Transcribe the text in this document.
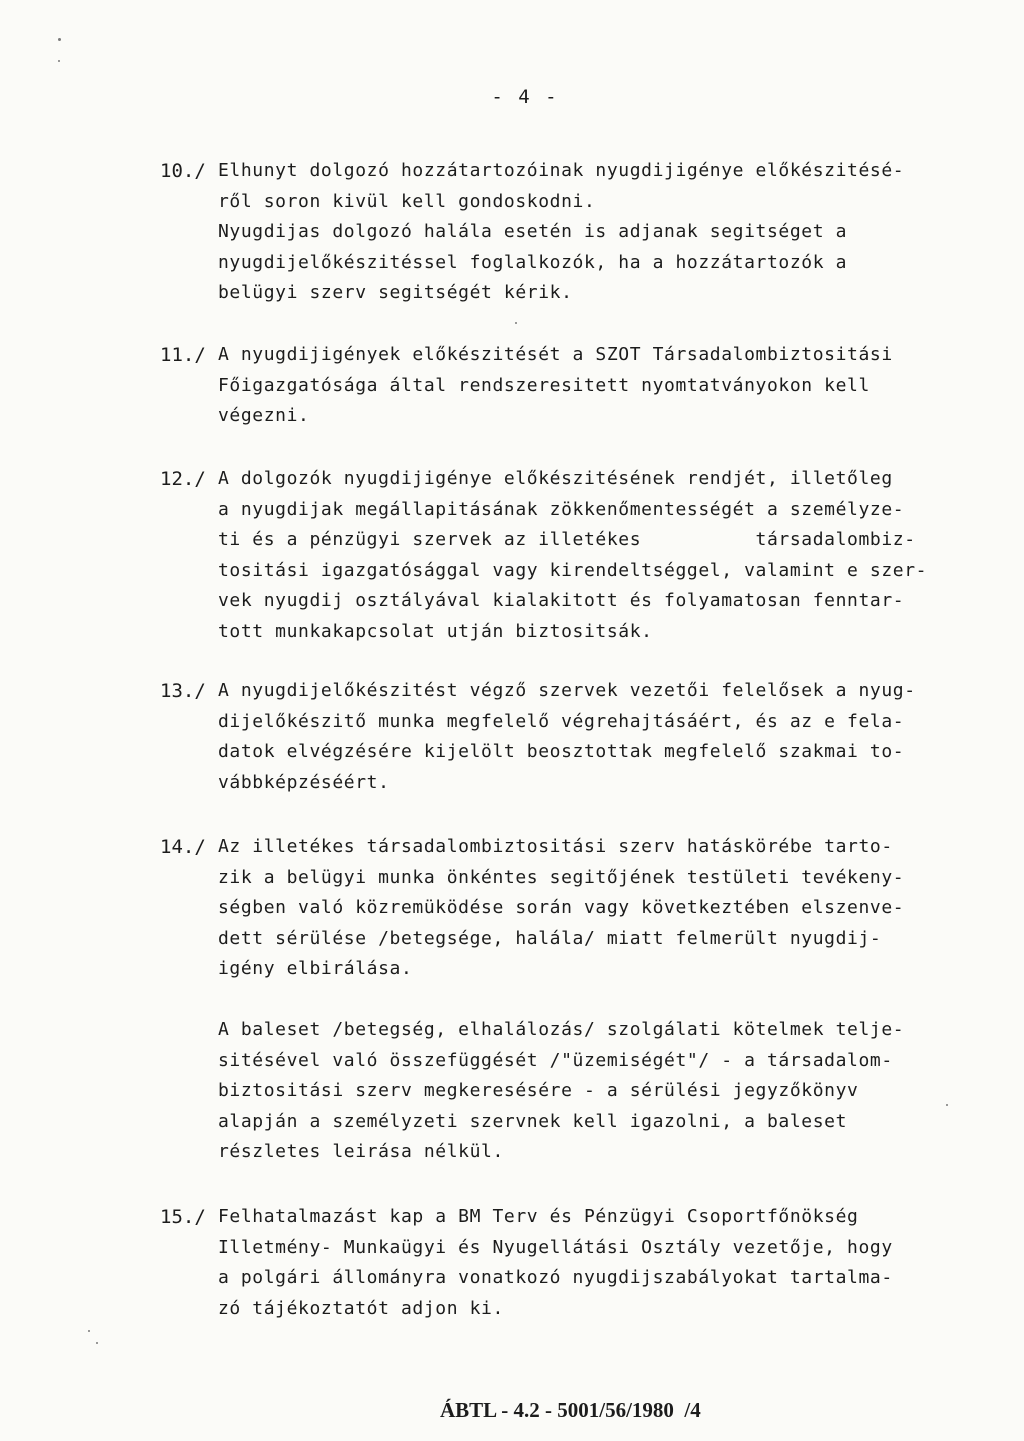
- 4 -
10./ Elhunyt dolgozó hozzátartozóinak nyugdijigénye előkészitésé-
ről soron kivül kell gondoskodni.
Nyugdijas dolgozó halála esetén is adjanak segitséget a
nyugdijelőkészitéssel foglalkozók, ha a hozzátartozók a
belügyi szerv segitségét kérik.

11./ A nyugdijigények előkészitését a SZOT Társadalombiztositási
Főigazgatósága által rendszeresitett nyomtatványokon kell
végezni.

12./ A dolgozók nyugdijigénye előkészitésének rendjét, illetőleg
a nyugdijak megállapitásának zökkenőmentességét a személyze-
ti és a pénzügyi szervek az illetékes          társadalombiz-
tositási igazgatósággal vagy kirendeltséggel, valamint e szer-
vek nyugdij osztályával kialakitott és folyamatosan fenntar-
tott munkakapcsolat utján biztositsák.

13./ A nyugdijelőkészitést végző szervek vezetői felelősek a nyug-
dijelőkészitő munka megfelelő végrehajtásáért, és az e fela-
datok elvégzésére kijelölt beosztottak megfelelő szakmai to-
vábbképzéséért.

14./ Az illetékes társadalombiztositási szerv hatáskörébe tarto-
zik a belügyi munka önkéntes segitőjének testületi tevékeny-
ségben való közremüködése során vagy következtében elszenve-
dett sérülése /betegsége, halála/ miatt felmerült nyugdij-
igény elbirálása.

A baleset /betegség, elhalálozás/ szolgálati kötelmek telje-
sitésével való összefüggését /"üzemiségét"/ - a társadalom-
biztositási szerv megkeresésére - a sérülési jegyzőkönyv
alapján a személyzeti szervnek kell igazolni, a baleset
részletes leirása nélkül.

15./ Felhatalmazást kap a BM Terv és Pénzügyi Csoportfőnökség
Illetmény- Munkaügyi és Nyugellátási Osztály vezetője, hogy
a polgári állományra vonatkozó nyugdijszabályokat tartalma-
zó tájékoztatót adjon ki.

ÁBTL - 4.2 - 5001/56/1980  /4
